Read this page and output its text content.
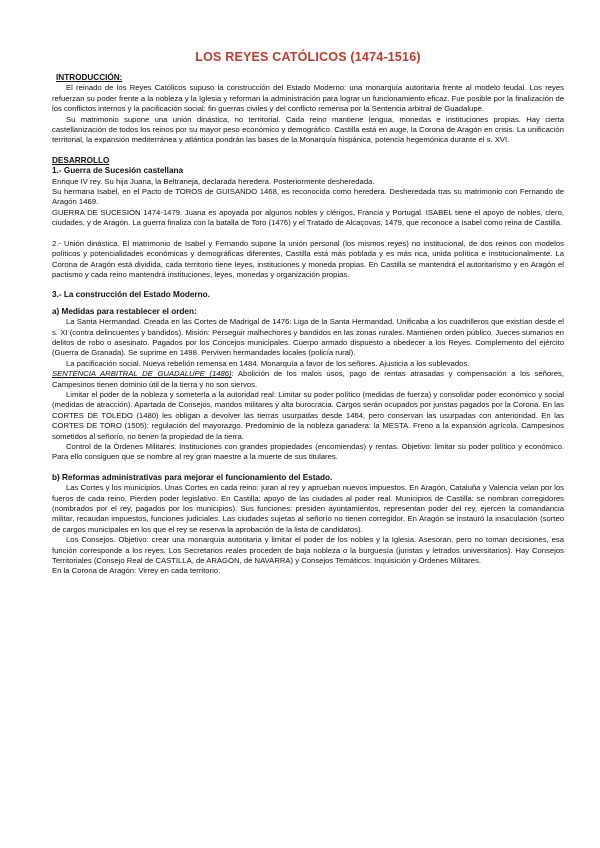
LOS REYES CATÓLICOS (1474-1516)
INTRODUCCIÓN:

El reinado de los Reyes Católicos supuso la construcción del Estado Moderno: una monarquía autoritaria frente al modelo feudal. Los reyes refuerzan su poder frente a la nobleza y la Iglesia y reforman la administración para lograr un funcionamiento eficaz. Fue posible por la finalización de los conflictos internos y la pacificación social: fin guerras civiles y del conflicto remensa por la Sentencia arbitral de Guadalupe.

Su matrimonio supone una unión dinástica, no territorial. Cada reino mantiene lengua, monedas e instituciones propias. Hay cierta castellanización de todos los reinos por su mayor peso económico y demográfico. Castilla está en auge, la Corona de Aragón en crisis. La unificación territorial, la expansión mediterránea y atlántica pondrán las bases de la Monarquía hispánica, potencia hegemónica durante el s. XVI.

DESARROLLO
1.- Guerra de Sucesión castellana

Enrique IV rey. Su hija Juana, la Beltraneja, declarada heredera. Posteriormente desheredada.

Su hermana Isabel, en el Pacto de TOROS de GUISANDO 1468, es reconocida como heredera. Desheredada tras su matrimonio con Fernando de Aragón 1469.

GUERRA DE SUCESIÓN 1474-1479. Juana es apoyada por algunos nobles y clérigos, Francia y Portugal. ISABEL tiene el apoyo de nobles, clero, ciudades, y de Aragón. La guerra finaliza con la batalla de Toro (1476) y el Tratado de Alcaçovas, 1479, que reconoce a Isabel como reina de Castilla.

2.- Unión dinástica. El matrimonio de Isabel y Fernando supone la unión personal (los mismos reyes) no institucional, de dos reinos con modelos políticos y potencialidades económicas y demográficas diferentes, Castilla está más poblada y es más rica, unida política e institucionalmente. La Corona de Aragón está dividida, cada territorio tiene leyes, instituciones y moneda propias. En Castilla se mantendrá el autoritarismo y en Aragón el pactismo y cada reino mantendrá instituciones, leyes, monedas y organización propias.

3.- La construcción del Estado Moderno.
a) Medidas para restablecer el orden:

La Santa Hermandad. Creada en las Cortes de Madrigal de 1476: Liga de la Santa Hermandad. Unificaba a los cuadrilleros que existían desde el s. XI (contra delincuentes y bandidos). Misión: Perseguir malhechores y bandidos en las zonas rurales. Mantienen orden público. Jueces sumarios en delitos de robo o asesinato. Pagados por los Concejos municipales. Cuerpo armado dispuesto a obedecer a los Reyes. Complemento del ejército (Guerra de Granada). Se suprime en 1498. Perviven hermandades locales (policía rural).

La pacificación social. Nueva rebelión remensa en 1484. Monarquía a favor de los señores. Ajusticia a los sublevados.

SENTENCIA ARBITRAL DE GUADALUPE (1486): Abolición de los malos usos, pago de rentas atrasadas y compensación a los señores, Campesinos tienen dominio útil de la tierra y no son siervos.

Limitar el poder de la nobleza y someterla a la autoridad real: Limitar su poder político (medidas de fuerza) y consolidar poder económico y social (medidas de atracción). Apartada de Consejos, mandos militares y alta burocracia. Cargos serán ocupados por juristas pagados por la Corona. En las CORTES DE TOLEDO (1480) les obligan a devolver las tierras usurpadas desde 1464, pero conservan las usurpadas con anterioridad. En las CORTES DE TORO (1505): regulación del mayorazgo. Predominio de la nobleza ganadera: la MESTA. Freno a la expansión agrícola. Campesinos sometidos al señorío, no tienen la propiedad de la tierra.

Control de la Órdenes Militares. Instituciones con grandes propiedades (encomiendas) y rentas. Objetivo: limitar su poder político y económico. Para ello consiguen que se nombre al rey gran maestre a la muerte de sus titulares.

b) Reformas administrativas para mejorar el funcionamiento del Estado.

Las Cortes y los municipios. Unas Cortes en cada reino: juran al rey y aprueban nuevos impuestos. En Aragón, Cataluña y Valencia velan por los fueros de cada reino. Pierden poder legislativo. En Castilla: apoyo de las ciudades al poder real. Municipios de Castilla: se nombran corregidores (nombrados por el rey, pagados por los municipios). Sus funciones: presiden ayuntamientos, representan poder del rey, ejercen la comandancia militar, recaudan impuestos, funciones judiciales. Las ciudades sujetas al señorío no tienen corregidor. En Aragón se instauró la insaculación (sorteo de cargos municipales en los que el rey se reserva la aprobación de la lista de candidatos).

Los Consejos. Objetivo: crear una monarquía autoritaria y limitar el poder de los nobles y la Iglesia. Asesoran, pero no toman decisiones, esa función corresponde a los reyes. Los Secretarios reales proceden de baja nobleza o la burguesía (juristas y letrados universitarios). Hay Consejos Territoriales (Consejo Real de CASTILLA, de ARAGÓN, de NAVARRA) y Consejos Temáticos: Inquisición y Órdenes Militares.

En la Corona de Aragón: Virrey en cada territorio.
